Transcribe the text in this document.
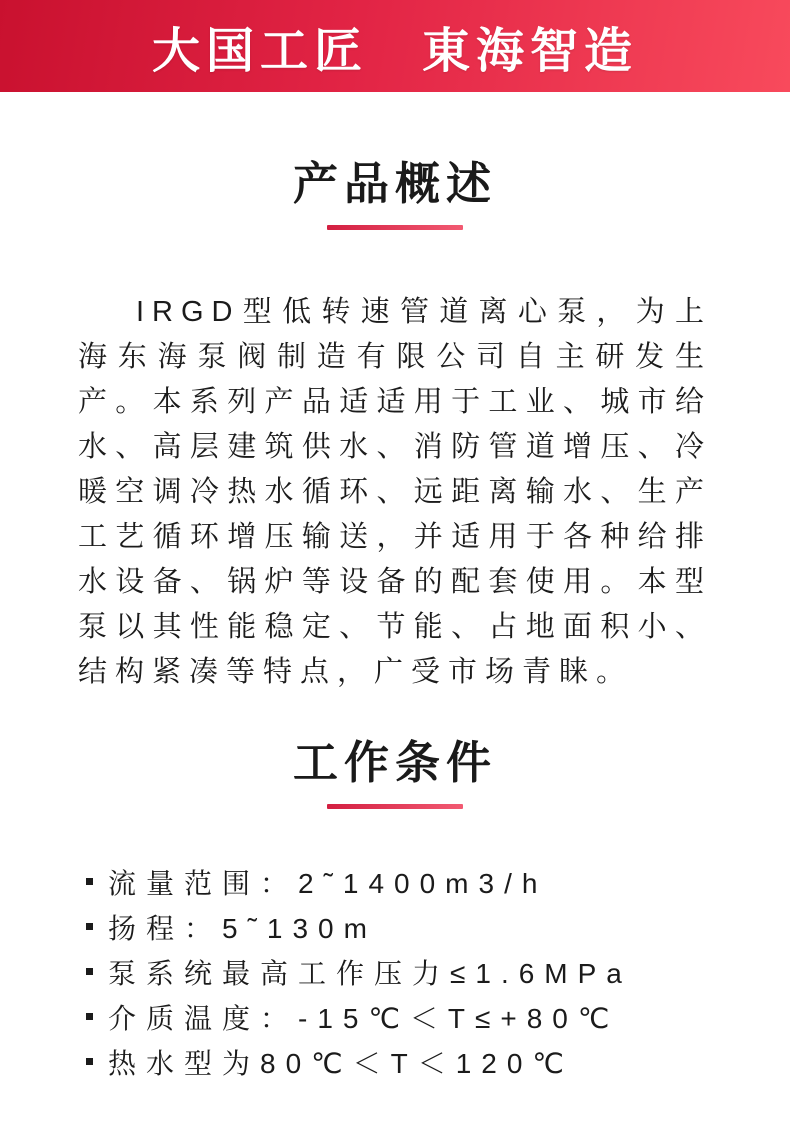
大国工匠　東海智造
产品概述

IRGD型低转速管道离心泵，为上海东海泵阀制造有限公司自主研发生产。本系列产品适适用于工业、城市给水、高层建筑供水、消防管道增压、冷暖空调冷热水循环、远距离输水、生产工艺循环增压输送，并适用于各种给排水设备、锅炉等设备的配套使用。本型泵以其性能稳定、节能、占地面积小、结构紧凑等特点，广受市场青睐。

工作条件
流量范围：2˜1400m3/h
扬程：5˜130m
泵系统最高工作压力≤1.6MPa
介质温度：-15℃＜T≤+80℃
热水型为80℃＜T＜120℃
